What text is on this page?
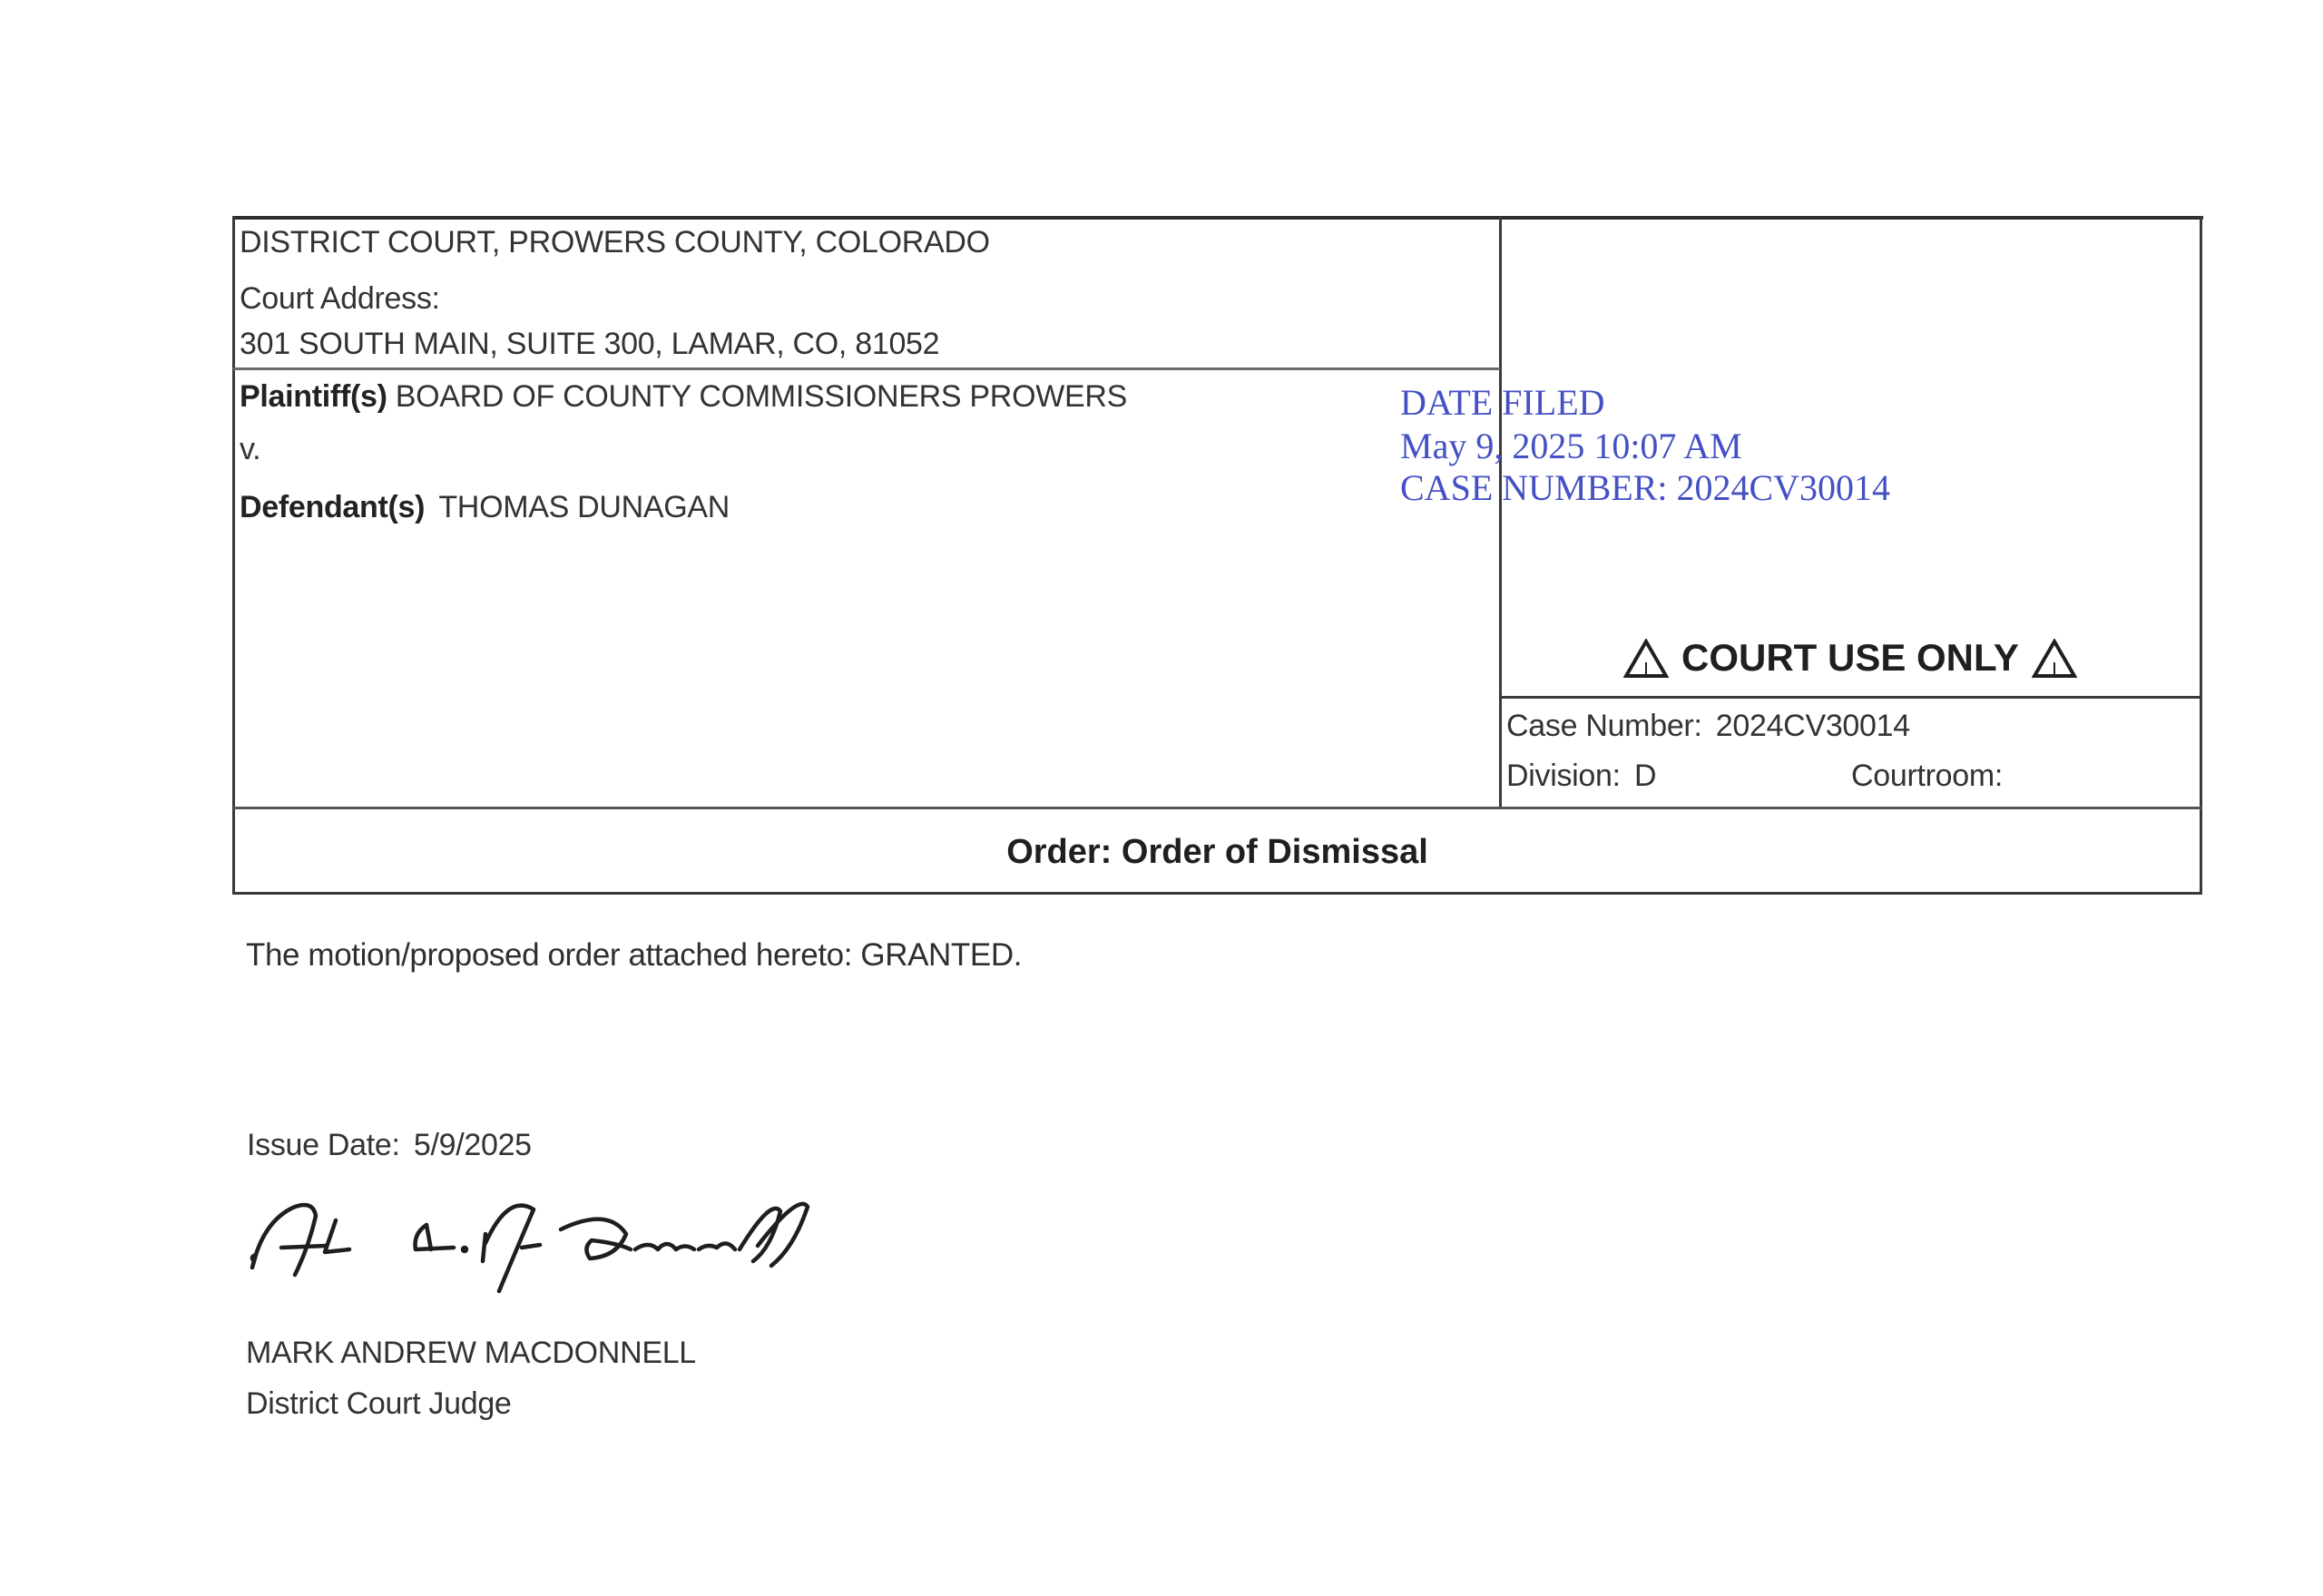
DISTRICT COURT, PROWERS COUNTY, COLORADO
Court Address:
301 SOUTH MAIN, SUITE 300, LAMAR, CO, 81052
Plaintiff(s) BOARD OF COUNTY COMMISSIONERS PROWERS
v.
Defendant(s) THOMAS DUNAGAN
DATE FILED
May 9, 2025 10:07 AM
CASE NUMBER: 2024CV30014
COURT USE ONLY
Case Number: 2024CV30014
Division: D	Courtroom:
Order: Order of Dismissal
The motion/proposed order attached hereto: GRANTED.
Issue Date: 5/9/2025
MARK ANDREW MACDONNELL
District Court Judge
